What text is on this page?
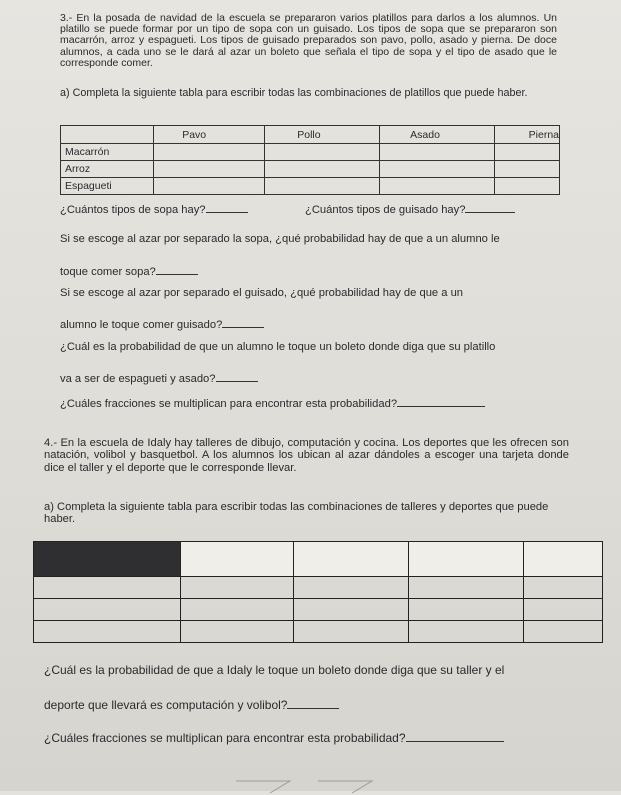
3.- En la posada de navidad de la escuela se prepararon varios platillos para darlos a los alumnos. Un platillo se puede formar por un tipo de sopa con un guisado. Los tipos de sopa que se prepararon son macarrón, arroz y espagueti. Los tipos de guisado preparados son pavo, pollo, asado y pierna. De doce alumnos, a cada uno se le dará al azar un boleto que señala el tipo de sopa y el tipo de asado que le corresponde comer.
a) Completa la siguiente tabla para escribir todas las combinaciones de platillos que puede haber.
	Pavo	Pollo	Asado	Pierna
Macarrón				
Arroz				
Espagueti				
¿Cuántos tipos de sopa hay?	¿Cuántos tipos de guisado hay?
Si se escoge al azar por separado la sopa, ¿qué probabilidad hay de que a un alumno le
toque comer sopa?
Si se escoge al azar por separado el guisado, ¿qué probabilidad hay de que a un
alumno le toque comer guisado?
¿Cuál es la probabilidad de que un alumno le toque un boleto donde diga que su platillo
va a ser de espagueti y asado?
¿Cuáles fracciones se multiplican para encontrar esta probabilidad?
4.- En la escuela de Idaly hay talleres de dibujo, computación y cocina. Los deportes que les ofrecen son natación, volibol y basquetbol. A los alumnos los ubican al azar dándoles a escoger una tarjeta donde dice el taller y el deporte que le corresponde llevar.
a) Completa la siguiente tabla para escribir todas las combinaciones de talleres y deportes que puede haber.

¿Cuál es la probabilidad de que a Idaly le toque un boleto donde diga que su taller y el
deporte que llevará es computación y volibol?
¿Cuáles fracciones se multiplican para encontrar esta probabilidad?
